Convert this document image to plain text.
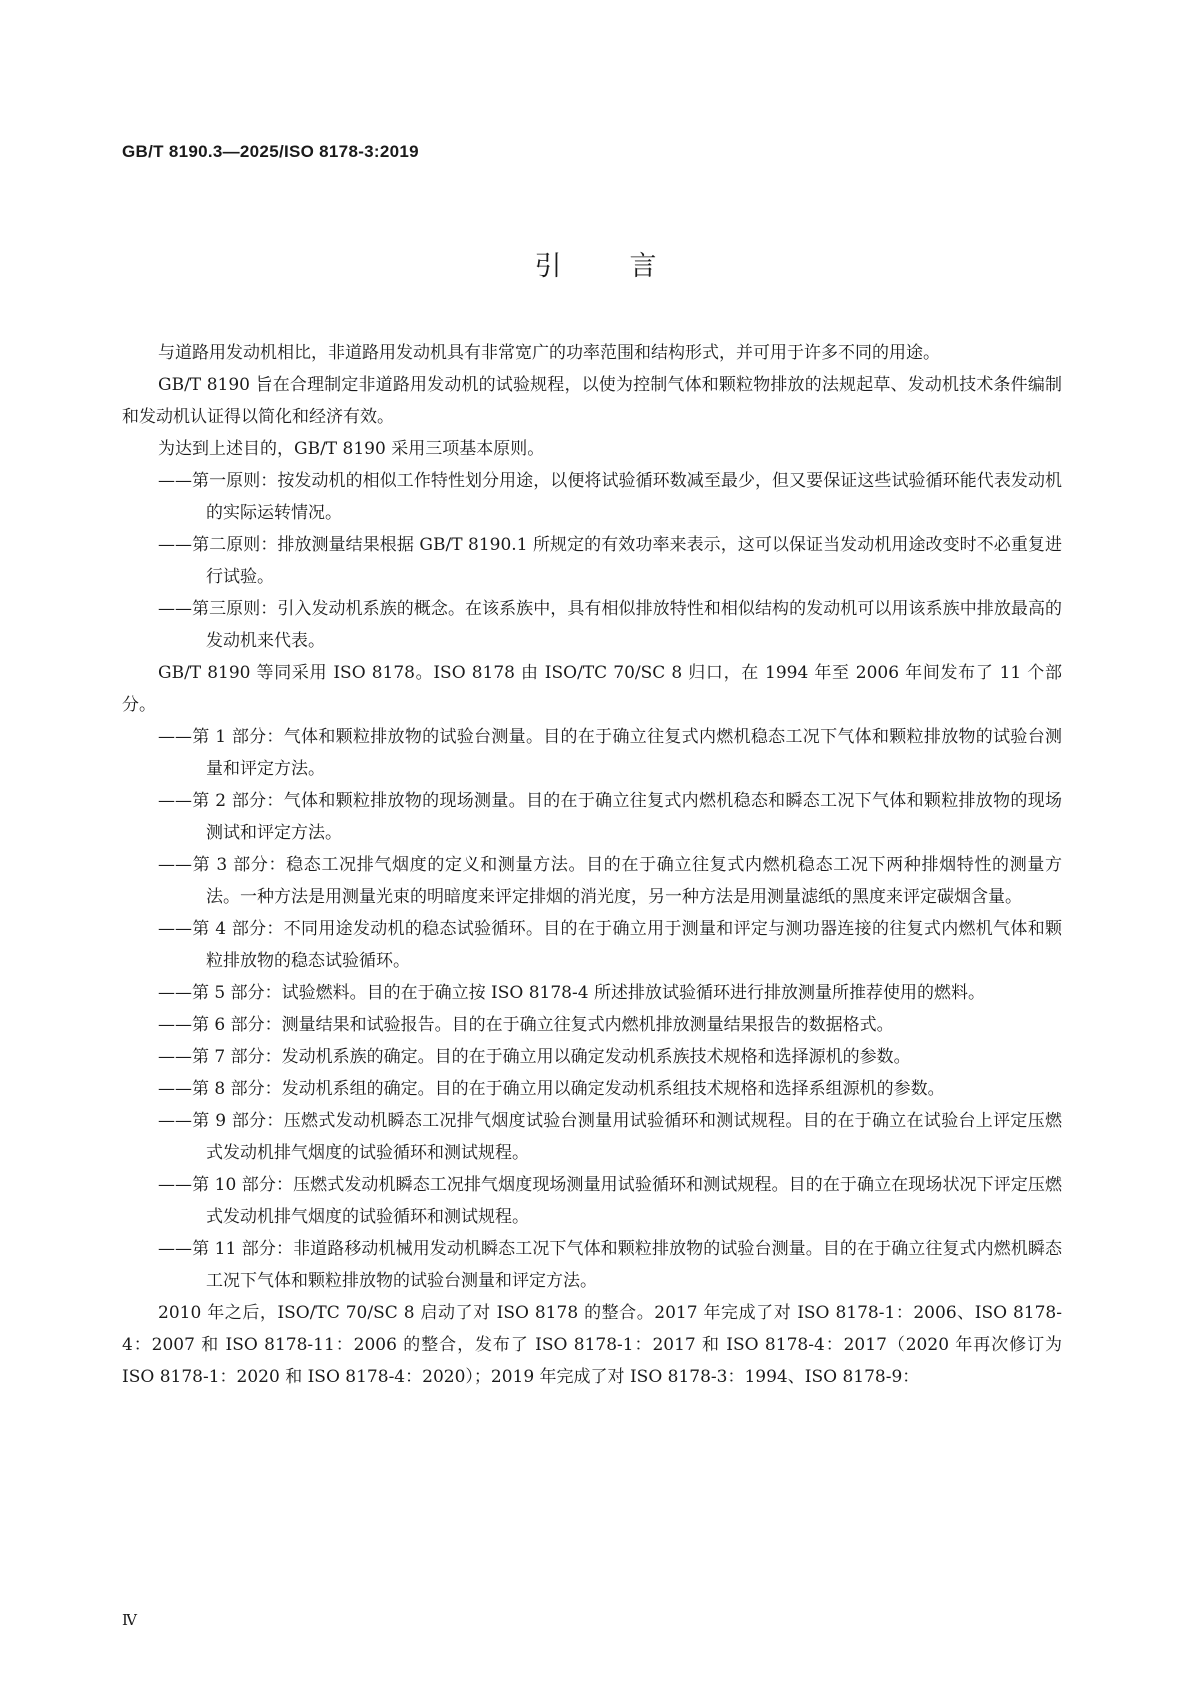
GB/T 8190.3—2025/ISO 8178-3:2019
引言

与道路用发动机相比，非道路用发动机具有非常宽广的功率范围和结构形式，并可用于许多不同的用途。

GB/T 8190 旨在合理制定非道路用发动机的试验规程，以使为控制气体和颗粒物排放的法规起草、发动机技术条件编制和发动机认证得以简化和经济有效。

为达到上述目的，GB/T 8190 采用三项基本原则。

——第一原则：按发动机的相似工作特性划分用途，以便将试验循环数减至最少，但又要保证这些试验循环能代表发动机的实际运转情况。

——第二原则：排放测量结果根据 GB/T 8190.1 所规定的有效功率来表示，这可以保证当发动机用途改变时不必重复进行试验。

——第三原则：引入发动机系族的概念。在该系族中，具有相似排放特性和相似结构的发动机可以用该系族中排放最高的发动机来代表。

GB/T 8190 等同采用 ISO 8178。ISO 8178 由 ISO/TC 70/SC 8 归口，在 1994 年至 2006 年间发布了 11 个部分。

——第 1 部分：气体和颗粒排放物的试验台测量。目的在于确立往复式内燃机稳态工况下气体和颗粒排放物的试验台测量和评定方法。

——第 2 部分：气体和颗粒排放物的现场测量。目的在于确立往复式内燃机稳态和瞬态工况下气体和颗粒排放物的现场测试和评定方法。

——第 3 部分：稳态工况排气烟度的定义和测量方法。目的在于确立往复式内燃机稳态工况下两种排烟特性的测量方法。一种方法是用测量光束的明暗度来评定排烟的消光度，另一种方法是用测量滤纸的黑度来评定碳烟含量。

——第 4 部分：不同用途发动机的稳态试验循环。目的在于确立用于测量和评定与测功器连接的往复式内燃机气体和颗粒排放物的稳态试验循环。

——第 5 部分：试验燃料。目的在于确立按 ISO 8178-4 所述排放试验循环进行排放测量所推荐使用的燃料。

——第 6 部分：测量结果和试验报告。目的在于确立往复式内燃机排放测量结果报告的数据格式。

——第 7 部分：发动机系族的确定。目的在于确立用以确定发动机系族技术规格和选择源机的参数。

——第 8 部分：发动机系组的确定。目的在于确立用以确定发动机系组技术规格和选择系组源机的参数。

——第 9 部分：压燃式发动机瞬态工况排气烟度试验台测量用试验循环和测试规程。目的在于确立在试验台上评定压燃式发动机排气烟度的试验循环和测试规程。

——第 10 部分：压燃式发动机瞬态工况排气烟度现场测量用试验循环和测试规程。目的在于确立在现场状况下评定压燃式发动机排气烟度的试验循环和测试规程。

——第 11 部分：非道路移动机械用发动机瞬态工况下气体和颗粒排放物的试验台测量。目的在于确立往复式内燃机瞬态工况下气体和颗粒排放物的试验台测量和评定方法。

2010 年之后，ISO/TC 70/SC 8 启动了对 ISO 8178 的整合。2017 年完成了对 ISO 8178-1：2006、ISO 8178-4：2007 和 ISO 8178-11：2006 的整合，发布了 ISO 8178-1：2017 和 ISO 8178-4：2017（2020 年再次修订为 ISO 8178-1：2020 和 ISO 8178-4：2020）；2019 年完成了对 ISO 8178-3：1994、ISO 8178-9：

Ⅳ
